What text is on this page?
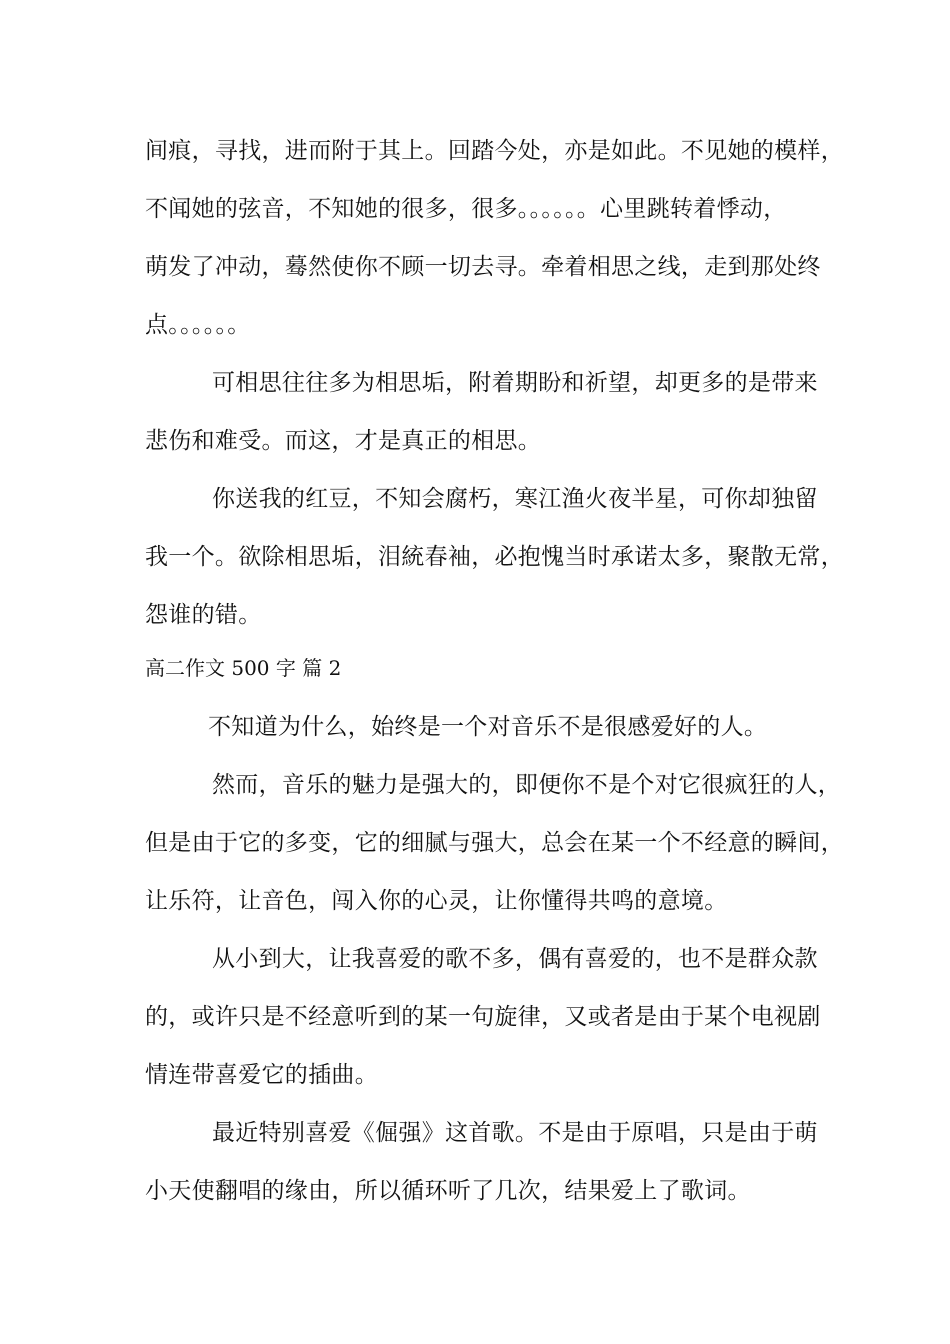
间痕，寻找，进而附于其上。回踏今处，亦是如此。不见她的模样，
不闻她的弦音，不知她的很多，很多。。。。。。心里跳转着悸动，
萌发了冲动，蓦然使你不顾一切去寻。牵着相思之线，走到那处终
点。。。。。。
可相思往往多为相思垢，附着期盼和祈望，却更多的是带来
悲伤和难受。而这，才是真正的相思。
你送我的红豆，不知会腐朽，寒江渔火夜半星，可你却独留
我一个。欲除相思垢，泪統春袖，必抱愧当时承诺太多，聚散无常，
怨谁的错。
高二作文 500 字 篇 2
不知道为什么，始终是一个对音乐不是很感爱好的人。
然而，音乐的魅力是强大的，即便你不是个对它很疯狂的人，
但是由于它的多变，它的细腻与强大，总会在某一个不经意的瞬间，
让乐符，让音色，闯入你的心灵，让你懂得共鸣的意境。
从小到大，让我喜爱的歌不多，偶有喜爱的，也不是群众款
的，或许只是不经意听到的某一句旋律，又或者是由于某个电视剧
情连带喜爱它的插曲。
最近特别喜爱《倔强》这首歌。不是由于原唱，只是由于萌
小天使翻唱的缘由，所以循环听了几次，结果爱上了歌词。
